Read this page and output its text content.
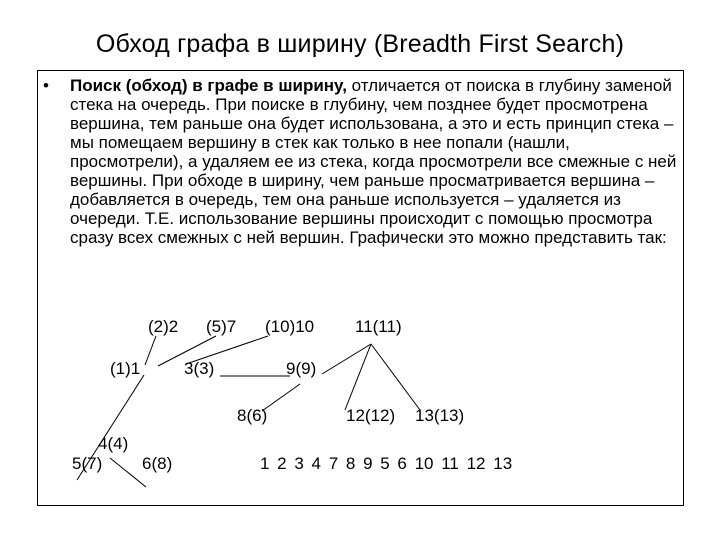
Обход графа в ширину (Breadth First Search)
• Поиск (обход) в графе в ширину, отличается от поиска в глубину заменой стека на очередь. При поиске в глубину, чем позднее будет просмотрена вершина, тем раньше она будет использована, а это и есть принцип стека – мы помещаем вершину в стек как только в нее попали (нашли, просмотрели), а удаляем ее из стека, когда просмотрели все смежные с ней вершины. При обходе в ширину, чем раньше просматривается вершина – добавляется в очередь, тем она раньше используется – удаляется из очереди. Т.Е. использование вершины происходит с помощью просмотра сразу всех смежных с ней вершин. Графически это можно представить так:
(2)2 (5)7 (10)10 11(11)
(1)1	3(3)	9(9)
8(6)	12(12) 13(13)
4(4)
5(7) 6(8)	1 2 3 4 7 8 9 5 6 10 11 12 13
